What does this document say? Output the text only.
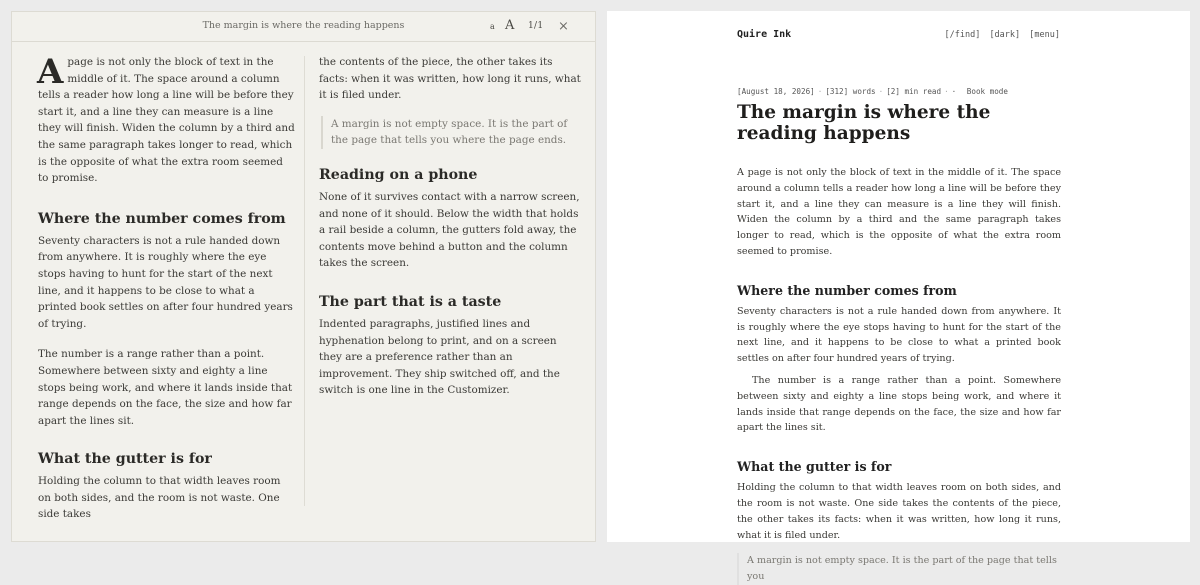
The margin is where the reading happens	a A 1/1 ×

Apage is not only the block of text in the middle of it. The space around a column tells a reader how long a line will be before they start it, and a line they can measure is a line they will finish. Widen the column by a third and the same paragraph takes longer to read, which is the opposite of what the extra room seemed to promise.

Where the number comes from

Seventy characters is not a rule handed down from anywhere. It is roughly where the eye stops having to hunt for the start of the next line, and it happens to be close to what a printed book settles on after four hundred years of trying.

The number is a range rather than a point. Somewhere between sixty and eighty a line stops being work, and where it lands inside that range depends on the face, the size and how far apart the lines sit.

What the gutter is for

Holding the column to that width leaves room on both sides, and the room is not waste. One side takes

the contents of the piece, the other takes its facts: when it was written, how long it runs, what it is filed under.

A margin is not empty space. It is the part of the page that tells you where the page ends.
Reading on a phone

None of it survives contact with a narrow screen, and none of it should. Below the width that holds a rail beside a column, the gutters fold away, the contents move behind a button and the column takes the screen.

The part that is a taste

Indented paragraphs, justified lines and hyphenation belong to print, and on a screen they are a preference rather than an improvement. They ship switched off, and the switch is one line in the Customizer.

Quire Ink	[/find] [dark] [menu]
[August 18, 2026] · [312] words · [2] min read · · Book mode
The margin is where the reading happens

A page is not only the block of text in the middle of it. The space around a column tells a reader how long a line will be before they start it, and a line they can measure is a line they will finish. Widen the column by a third and the same paragraph takes longer to read, which is the opposite of what the extra room seemed to promise.

Where the number comes from

Seventy characters is not a rule handed down from anywhere. It is roughly where the eye stops having to hunt for the start of the next line, and it happens to be close to what a printed book settles on after four hundred years of trying.

The number is a range rather than a point. Somewhere between sixty and eighty a line stops being work, and where it lands inside that range depends on the face, the size and how far apart the lines sit.

What the gutter is for

Holding the column to that width leaves room on both sides, and the room is not waste. One side takes the contents of the piece, the other takes its facts: when it was written, how long it runs, what it is filed under.

A margin is not empty space. It is the part of the page that tells you
